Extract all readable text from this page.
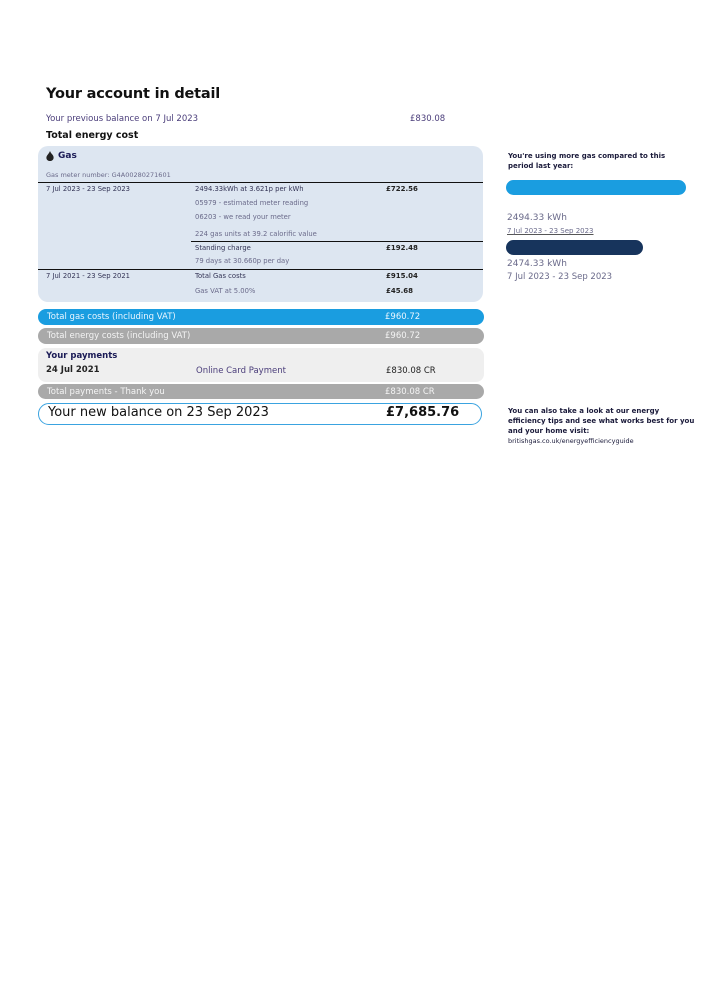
Your account in detail
Your previous balance on 7 Jul 2023	£830.08
Total energy cost
Gas
Gas meter number: G4A00280271601
7 Jul 2023 - 23 Sep 2023	2494.33kWh at 3.621p per kWh	£722.56
05979 - estimated meter reading
06203 - we read your meter
224 gas units at 39.2 calorific value
Standing charge	£192.48
79 days at 30.660p per day
7 Jul 2021 - 23 Sep 2021	Total Gas costs	£915.04
Gas VAT at 5.00%	£45.68
Total gas costs (including VAT)	£960.72
Total energy costs (including VAT)	£960.72
Your payments
24 Jul 2021	Online Card Payment	£830.08 CR
Total payments - Thank you	£830.08 CR
Your new balance on 23 Sep 2023	£7,685.76
You're using more gas compared to this period last year:
2494.33 kWh
7 Jul 2023 - 23 Sep 2023
2474.33 kWh
7 Jul 2023 - 23 Sep 2023
You can also take a look at our energy efficiency tips and see what works best for you and your home visit:
britishgas.co.uk/energyefficiencyguide
